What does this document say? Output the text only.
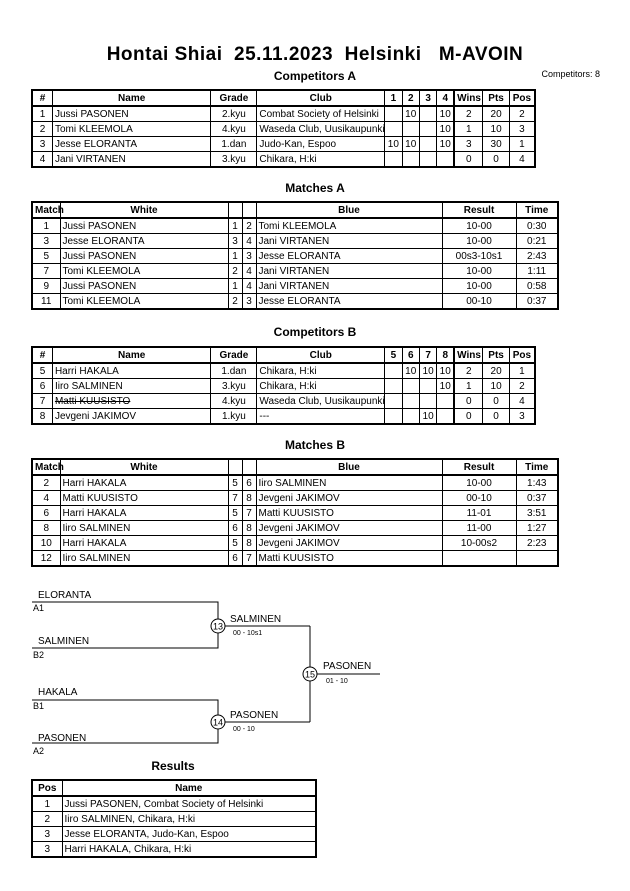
Hontai Shiai  25.11.2023  Helsinki   M-AVOIN
Competitors A	Competitors: 8
#	Name	Grade	Club	1	2	3	4	Wins	Pts	Pos
1	Jussi PASONEN	2.kyu	Combat Society of Helsinki		10		10	2	20	2
2	Tomi KLEEMOLA	4.kyu	Waseda Club, Uusikaupunki				10	1	10	3
3	Jesse ELORANTA	1.dan	Judo-Kan, Espoo	10	10		10	3	30	1
4	Jani VIRTANEN	3.kyu	Chikara, H:ki					0	0	4
Matches A
Match	White			Blue	Result	Time
1	Jussi PASONEN	1	2	Tomi KLEEMOLA	10-00	0:30
3	Jesse ELORANTA	3	4	Jani VIRTANEN	10-00	0:21
5	Jussi PASONEN	1	3	Jesse ELORANTA	00s3-10s1	2:43
7	Tomi KLEEMOLA	2	4	Jani VIRTANEN	10-00	1:11
9	Jussi PASONEN	1	4	Jani VIRTANEN	10-00	0:58
11	Tomi KLEEMOLA	2	3	Jesse ELORANTA	00-10	0:37
Competitors B
#	Name	Grade	Club	5	6	7	8	Wins	Pts	Pos
5	Harri HAKALA	1.dan	Chikara, H:ki		10	10	10	2	20	1
6	Iiro SALMINEN	3.kyu	Chikara, H:ki				10	1	10	2
7	Matti KUUSISTO	4.kyu	Waseda Club, Uusikaupunki					0	0	4
8	Jevgeni JAKIMOV	1.kyu	---			10		0	0	3
Matches B
Match	White			Blue	Result	Time
2	Harri HAKALA	5	6	Iiro SALMINEN	10-00	1:43
4	Matti KUUSISTO	7	8	Jevgeni JAKIMOV	00-10	0:37
6	Harri HAKALA	5	7	Matti KUUSISTO	11-01	3:51
8	Iiro SALMINEN	6	8	Jevgeni JAKIMOV	11-00	1:27
10	Harri HAKALA	5	8	Jevgeni JAKIMOV	10-00s2	2:23
12	Iiro SALMINEN	6	7	Matti KUUSISTO		
ELORANTA
A1
SALMINEN
B2
13
SALMINEN
00 - 10s1
HAKALA
B1
PASONEN
A2
14
PASONEN
00 - 10
15
PASONEN
01 - 10
Results
Pos	Name
1	Jussi PASONEN, Combat Society of Helsinki
2	Iiro SALMINEN, Chikara, H:ki
3	Jesse ELORANTA, Judo-Kan, Espoo
3	Harri HAKALA, Chikara, H:ki
